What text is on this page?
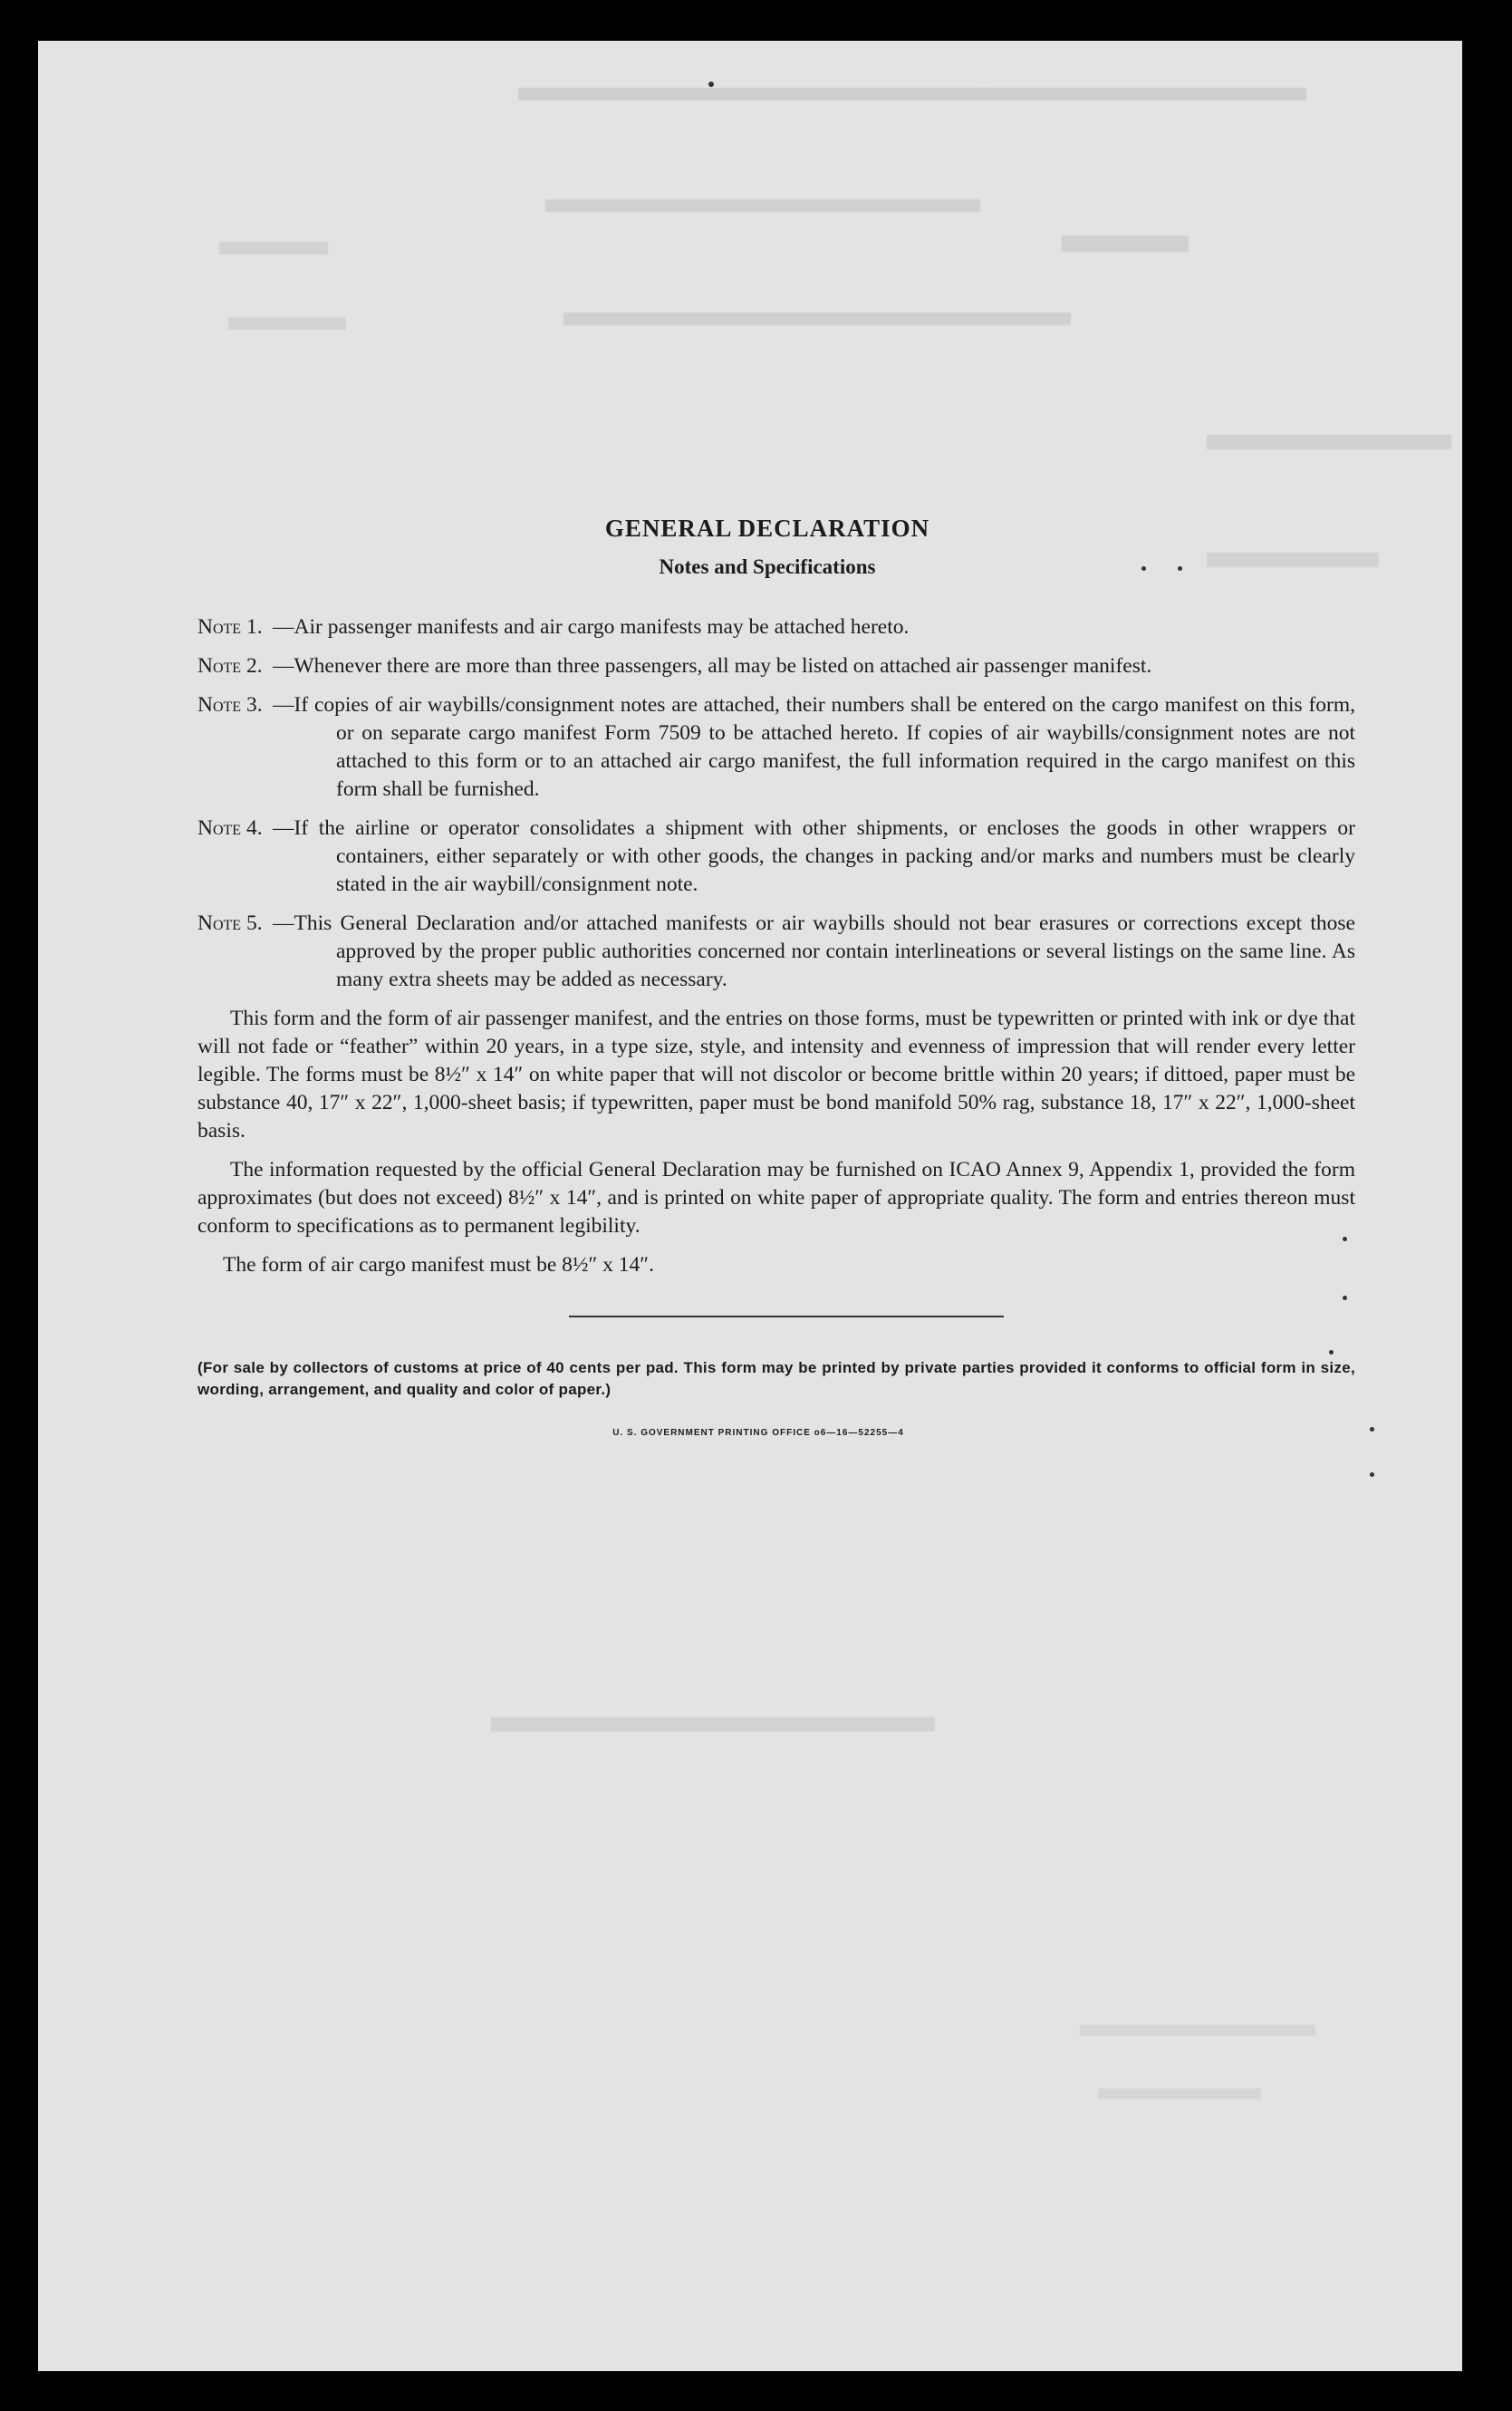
GENERAL DECLARATION
Notes and Specifications
Note 1. —Air passenger manifests and air cargo manifests may be attached hereto.
Note 2. —Whenever there are more than three passengers, all may be listed on attached air passenger manifest.
Note 3. —If copies of air waybills/consignment notes are attached, their numbers shall be entered on the cargo manifest on this form, or on separate cargo manifest Form 7509 to be attached hereto. If copies of air waybills/consignment notes are not attached to this form or to an attached air cargo manifest, the full information required in the cargo manifest on this form shall be furnished.
Note 4. —If the airline or operator consolidates a shipment with other shipments, or encloses the goods in other wrappers or containers, either separately or with other goods, the changes in packing and/or marks and numbers must be clearly stated in the air waybill/consignment note.
Note 5. —This General Declaration and/or attached manifests or air waybills should not bear erasures or corrections except those approved by the proper public authorities concerned nor contain interlineations or several listings on the same line. As many extra sheets may be added as necessary.

This form and the form of air passenger manifest, and the entries on those forms, must be typewritten or printed with ink or dye that will not fade or “feather” within 20 years, in a type size, style, and intensity and evenness of impression that will render every letter legible. The forms must be 8½″ x 14″ on white paper that will not discolor or become brittle within 20 years; if dittoed, paper must be substance 40, 17″ x 22″, 1,000-sheet basis; if typewritten, paper must be bond manifold 50% rag, substance 18, 17″ x 22″, 1,000-sheet basis.

The information requested by the official General Declaration may be furnished on ICAO Annex 9, Appendix 1, provided the form approximates (but does not exceed) 8½″ x 14″, and is printed on white paper of appropriate quality. The form and entries thereon must conform to specifications as to permanent legibility.

The form of air cargo manifest must be 8½″ x 14″.

(For sale by collectors of customs at price of 40 cents per pad. This form may be printed by private parties provided it conforms to official form in size, wording, arrangement, and quality and color of paper.)
U. S. GOVERNMENT PRINTING OFFICE o6—16—52255—4
